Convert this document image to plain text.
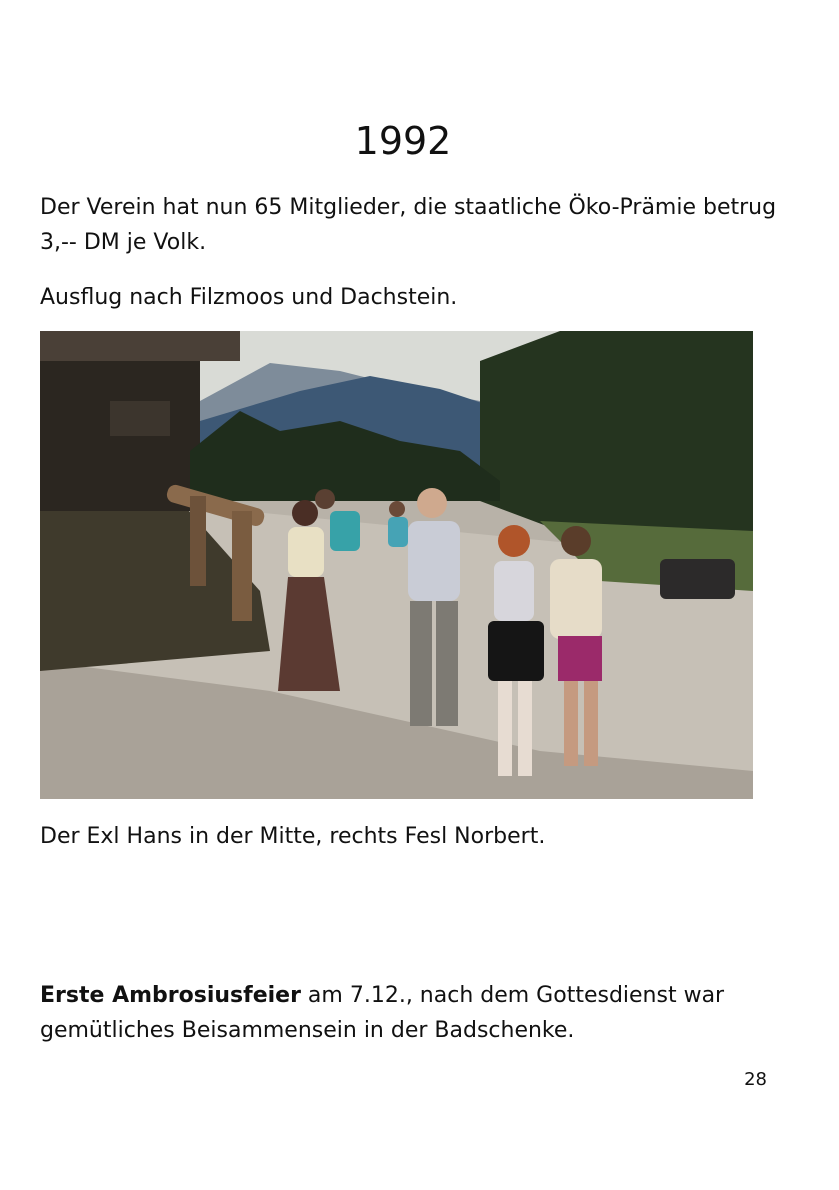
1992
Der Verein hat nun 65 Mitglieder, die staatliche Öko-Prämie betrug 3,-- DM je Volk.
Ausflug nach Filzmoos und Dachstein.
Der Exl Hans in der Mitte, rechts Fesl Norbert.
Erste Ambrosiusfeier am 7.12., nach dem Gottesdienst war gemütliches Beisammensein in der Badschenke.
28
